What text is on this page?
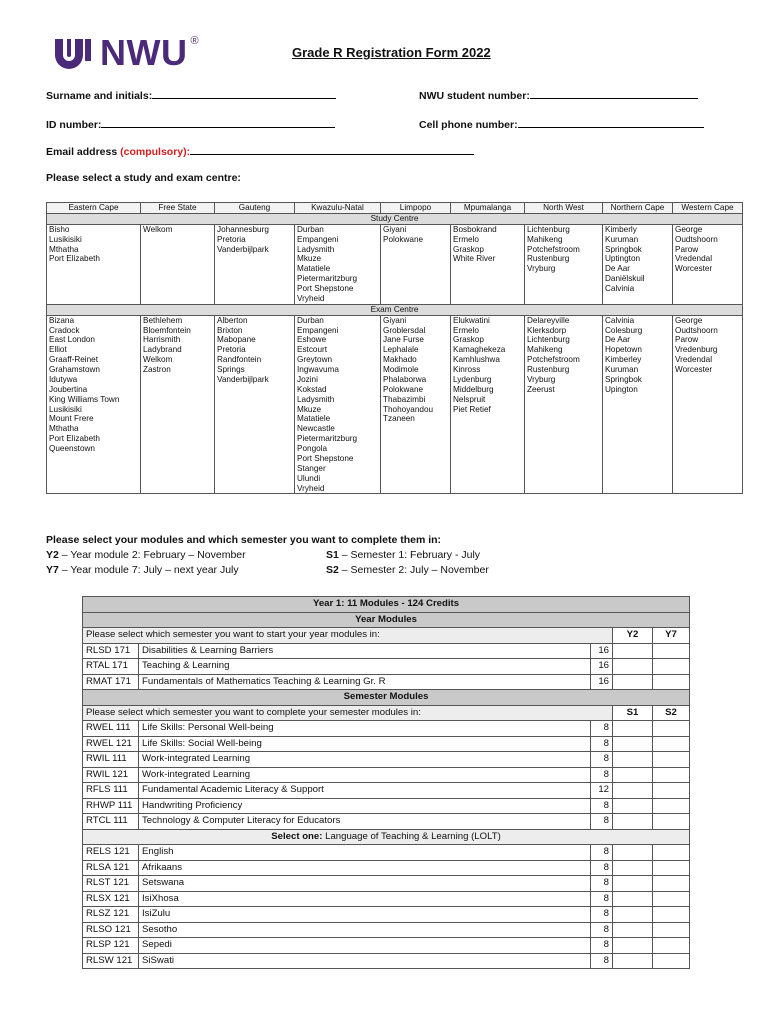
NWU ®
Grade R Registration Form 2022
Surname and initials:	NWU student number:
ID number:	Cell phone number:
Email address (compulsory):
Please select a study and exam centre:
Eastern Cape	Free State	Gauteng	Kwazulu-Natal	Limpopo	Mpumalanga	North West	Northern Cape	Western Cape
Study Centre								
Bisho	Welkom	Johannesburg	Durban	Giyani	Bosbokrand	Lichtenburg	Kimberly	George
Lusikisiki		Pretoria	Empangeni	Polokwane	Ermelo	Mahikeng	Kuruman	Oudtshoorn
Mthatha		Vanderbijlpark	Ladysmith		Graskop	Potchefstroom	Springbok	Parow
Port Elizabeth			Mkuze		White River	Rustenburg	Uptington	Vredendal
			Matatiele			Vryburg	De Aar	Worcester
			Pietermaritzburg				Daniëlskuil	
			Port Shepstone				Calvinia	
			Vryheid					
Exam Centre								
Bizana	Bethlehem	Alberton	Durban	Giyani	Elukwatini	Delareyville	Calvinia	George
Cradock	Bloemfontein	Brixton	Empangeni	Groblersdal	Ermelo	Klerksdorp	Colesburg	Oudtshoorn
East London	Harrismith	Mabopane	Eshowe	Jane Furse	Graskop	Lichtenburg	De Aar	Parow
Elliot	Ladybrand	Pretoria	Estcourt	Lephalale	Kamaghekeza	Mahikeng	Hopetown	Vredenburg
Graaff-Reinet	Welkom	Randfontein	Greytown	Makhado	Kamhlushwa	Potchefstroom	Kimberley	Vredendal
Grahamstown	Zastron	Springs	Ingwavuma	Modimole	Kinross	Rustenburg	Kuruman	Worcester
Idutywa		Vanderbijlpark	Jozini	Phalaborwa	Lydenburg	Vryburg	Springbok	
Joubertina			Kokstad	Polokwane	Middelburg	Zeerust	Upington	
King Williams Town			Ladysmith	Thabazimbi	Nelspruit			
Lusikisiki			Mkuze	Thohoyandou	Piet Retief			
Mount Frere			Matatiele	Tzaneen				
Mthatha			Newcastle					
Port Elizabeth			Pietermaritzburg					
Queenstown			Pongola					
			Port Shepstone					
			Stanger					
			Ulundi					
			Vryheid					
Please select your modules and which semester you want to complete them in:
Y2 – Year module 2: February – November
Y7 – Year module 7: July – next year July
S1 – Semester 1: February - July
S2 – Semester 2: July – November
Year 1: 11 Modules - 124 Credits				
Year Modules				
Please select which semester you want to start your year modules in:			Y2	Y7
RLSD 171	Disabilities & Learning Barriers	16		
RTAL 171	Teaching & Learning	16		
RMAT 171	Fundamentals of Mathematics Teaching & Learning Gr. R	16		
Semester Modules				
Please select which semester you want to complete your semester modules in:			S1	S2
RWEL 111	Life Skills: Personal Well-being	8		
RWEL 121	Life Skills: Social Well-being	8		
RWIL 111	Work-integrated Learning	8		
RWIL 121	Work-integrated Learning	8		
RFLS 111	Fundamental Academic Literacy & Support	12		
RHWP 111	Handwriting Proficiency	8		
RTCL 111	Technology & Computer Literacy for Educators	8		
Select one: Language of Teaching & Learning (LOLT)				
RELS 121	English	8		
RLSA 121	Afrikaans	8		
RLST 121	Setswana	8		
RLSX 121	IsiXhosa	8		
RLSZ 121	IsiZulu	8		
RLSO 121	Sesotho	8		
RLSP 121	Sepedi	8		
RLSW 121	SiSwati	8		
